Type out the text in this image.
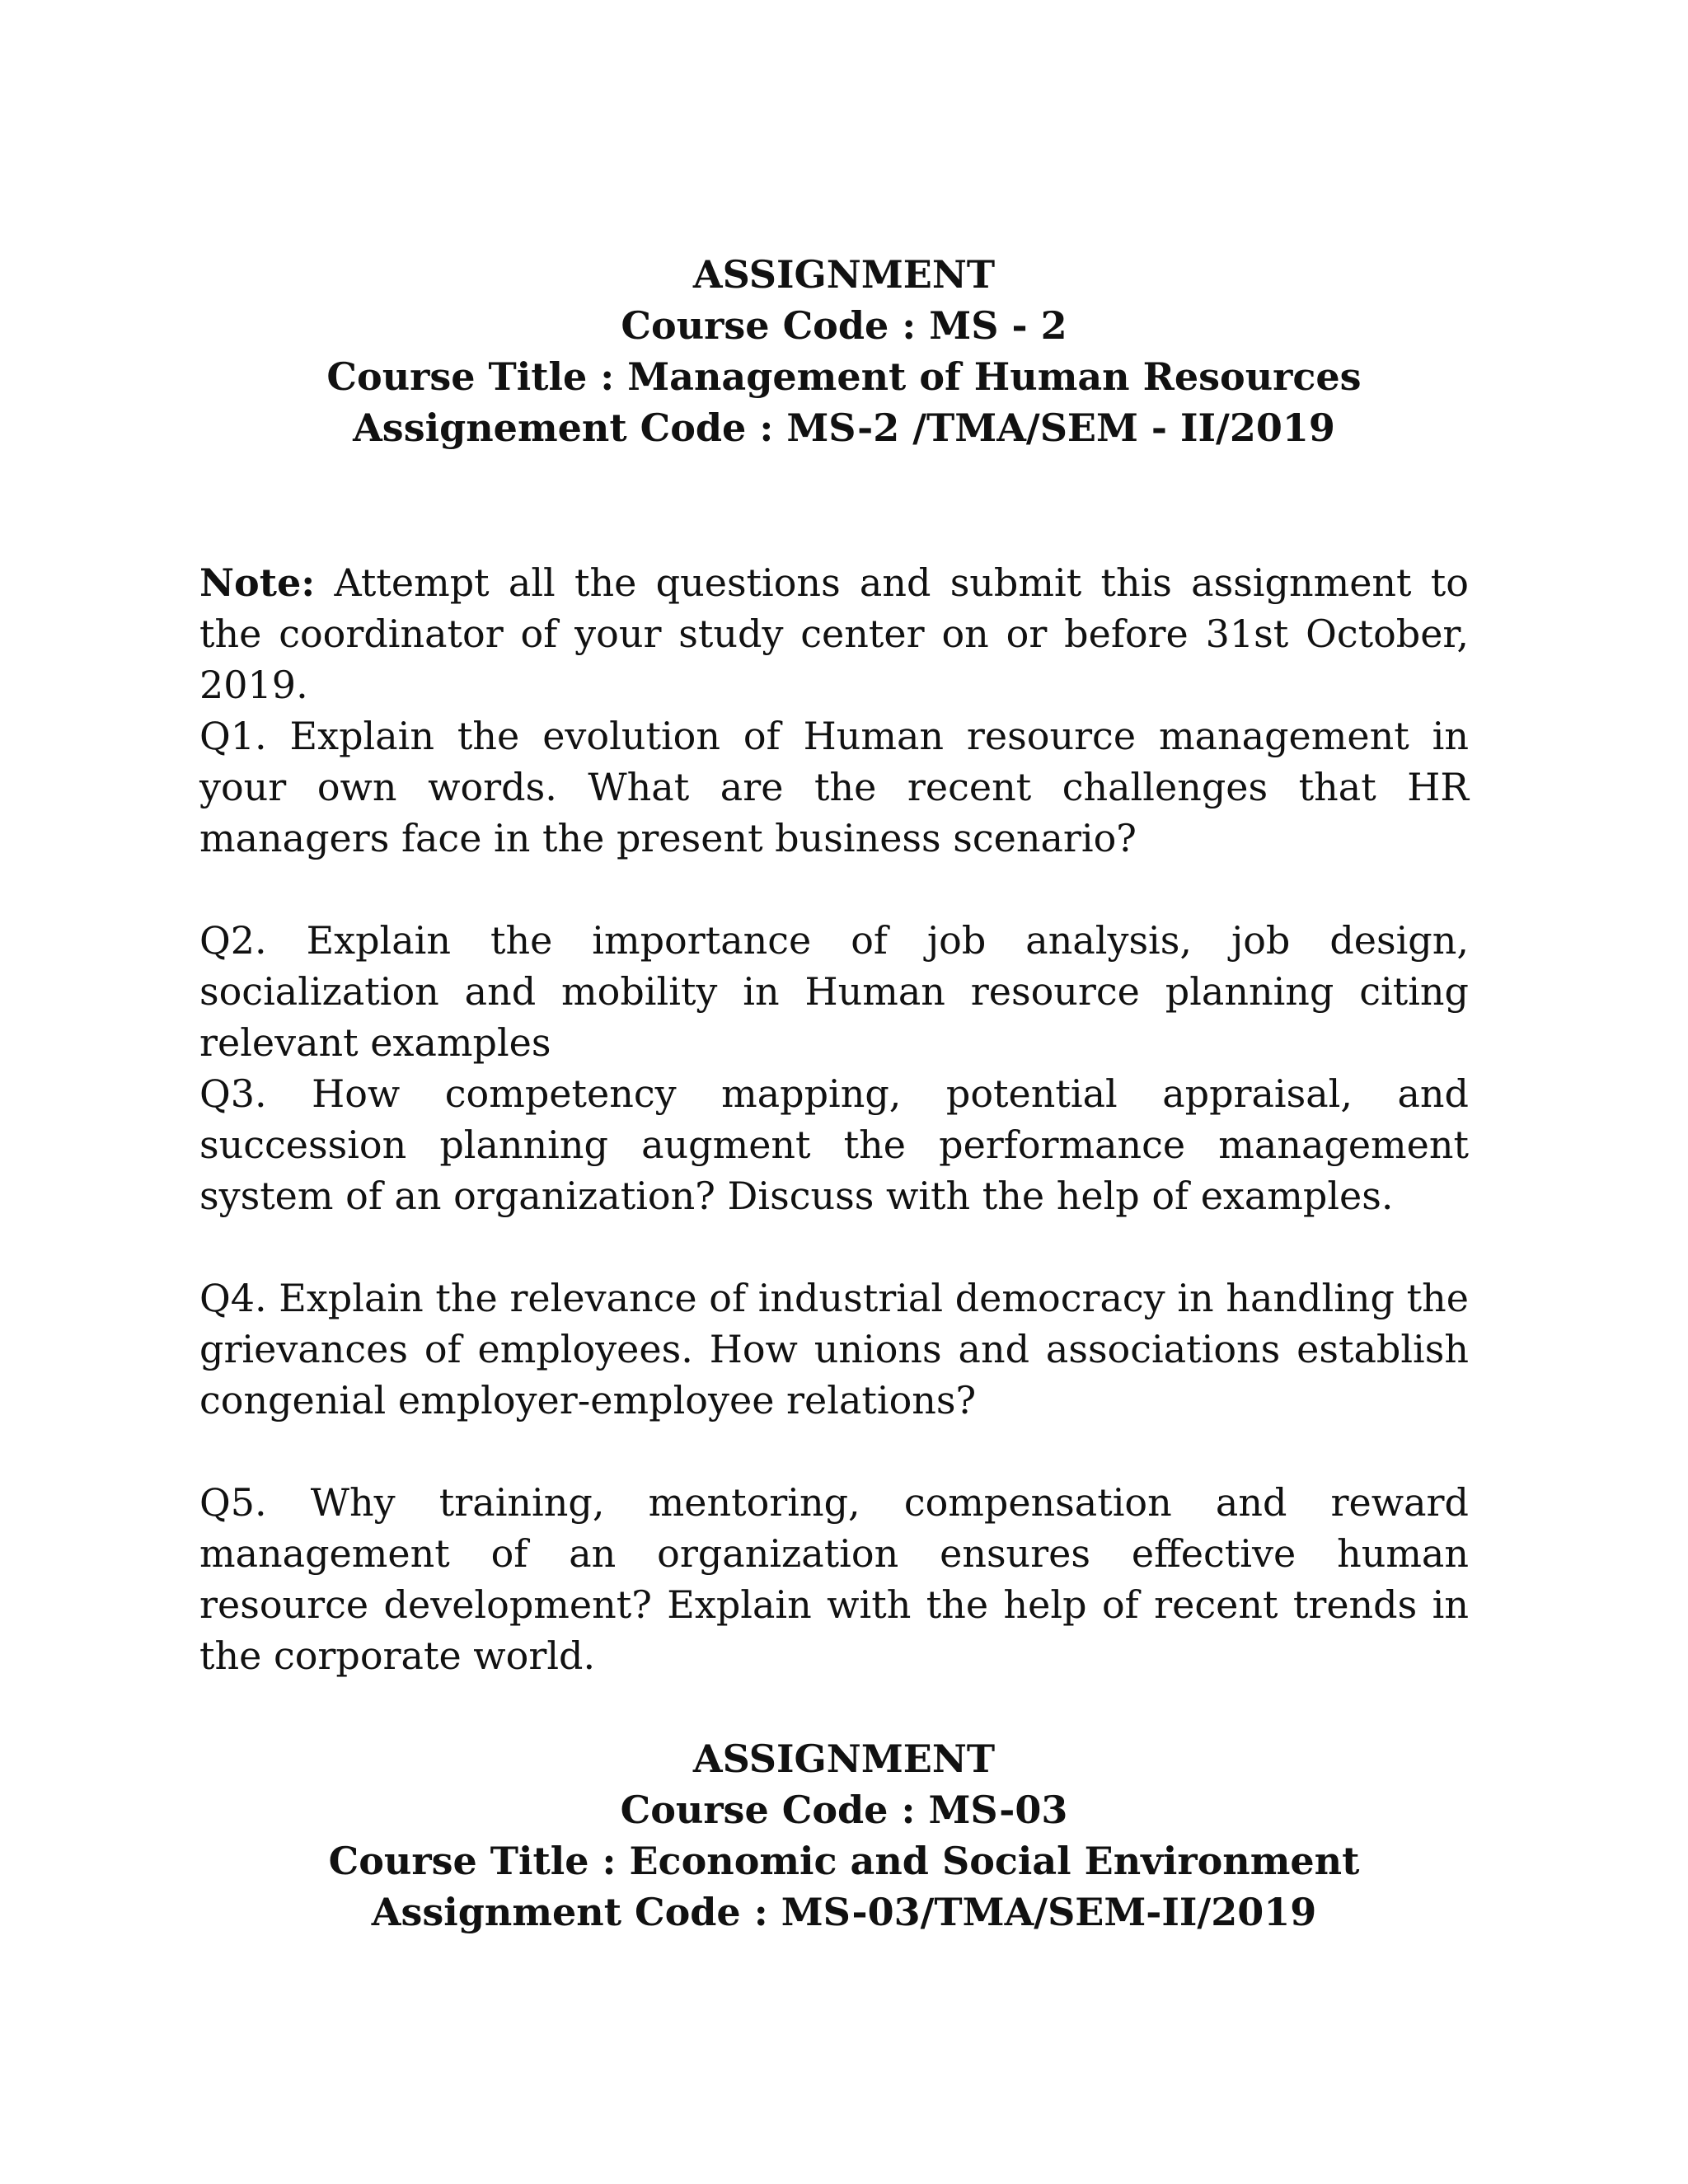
ASSIGNMENT
Course Code : MS - 2
Course Title : Management of Human Resources
Assignement Code : MS-2 /TMA/SEM - II/2019
Note: Attempt all the questions and submit this assignment to the coordinator of your study center on or before 31st October, 2019.
Q1. Explain the evolution of Human resource management in your own words. What are the recent challenges that HR managers face in the present business scenario?
Q2. Explain the importance of job analysis, job design, socialization and mobility in Human resource planning citing relevant examples
Q3. How competency mapping, potential appraisal, and succession planning augment the performance management system of an organization? Discuss with the help of examples.
Q4. Explain the relevance of industrial democracy in handling the grievances of employees. How unions and associations establish congenial employer-employee relations?
Q5. Why training, mentoring, compensation and reward management of an organization ensures effective human resource development? Explain with the help of recent trends in the corporate world.
ASSIGNMENT
Course Code : MS-03
Course Title : Economic and Social Environment
Assignment Code : MS-03/TMA/SEM-II/2019
